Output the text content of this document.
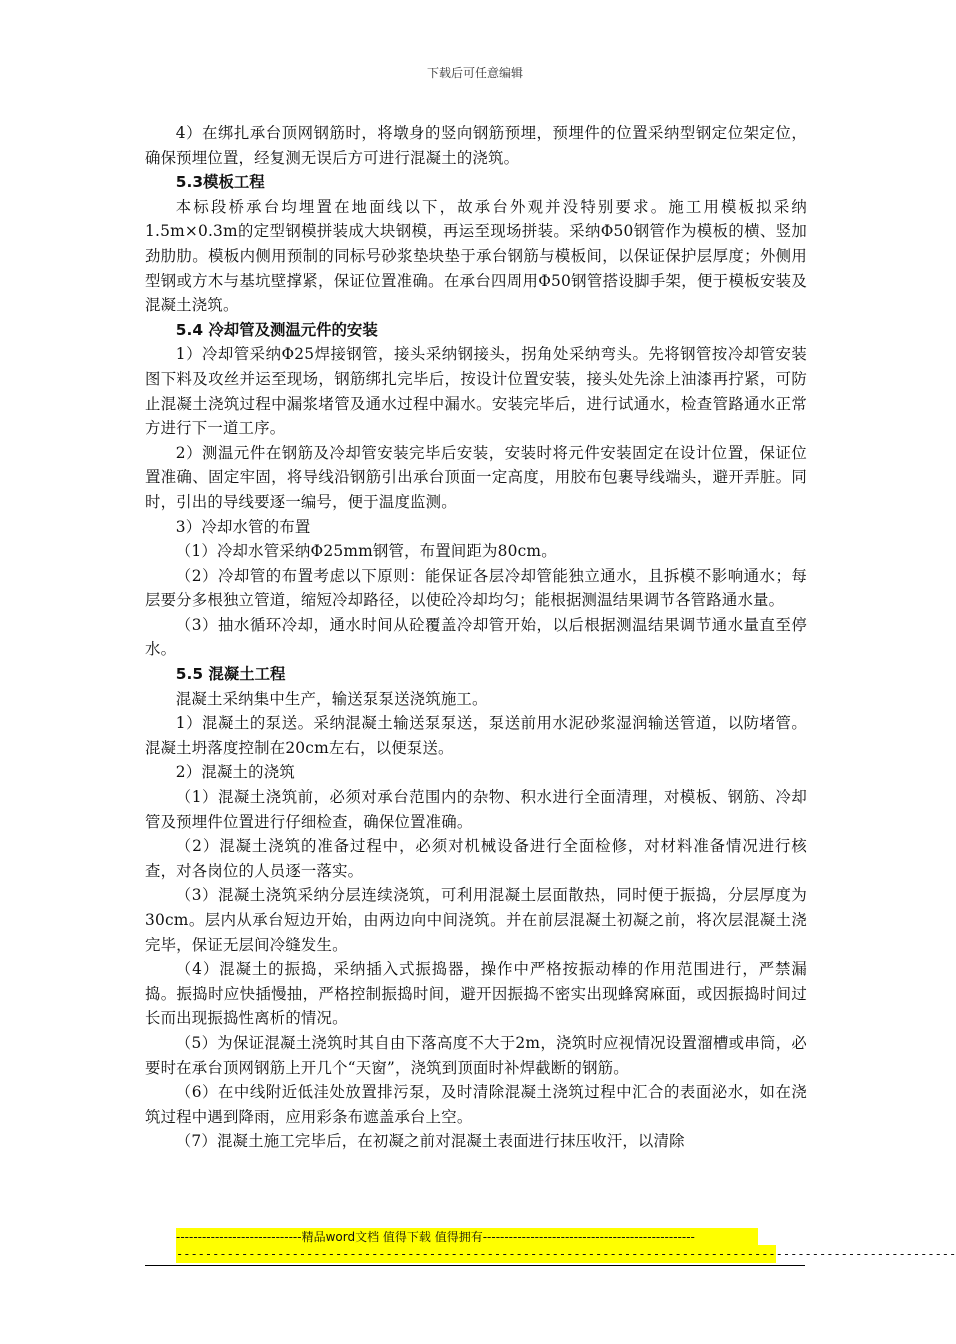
下载后可任意编辑

4）在绑扎承台顶网钢筋时，将墩身的竖向钢筋预埋，预埋件的位置采纳型钢定位架定位，确保预埋位置，经复测无误后方可进行混凝土的浇筑。

5.3模板工程

本标段桥承台均埋置在地面线以下，故承台外观并没特别要求。施工用模板拟采纳1.5m×0.3m的定型钢模拼装成大块钢模，再运至现场拼装。采纳Φ50钢管作为模板的横、竖加劲肋肋。模板内侧用预制的同标号砂浆垫块垫于承台钢筋与模板间，以保证保护层厚度；外侧用型钢或方木与基坑壁撑紧，保证位置准确。在承台四周用Φ50钢管搭设脚手架，便于模板安装及混凝土浇筑。

5.4 冷却管及测温元件的安装

1）冷却管采纳Φ25焊接钢管，接头采纳钢接头，拐角处采纳弯头。先将钢管按冷却管安装图下料及攻丝并运至现场，钢筋绑扎完毕后，按设计位置安装，接头处先涂上油漆再拧紧，可防止混凝土浇筑过程中漏浆堵管及通水过程中漏水。安装完毕后，进行试通水，检查管路通水正常方进行下一道工序。

2）测温元件在钢筋及冷却管安装完毕后安装，安装时将元件安装固定在设计位置，保证位置准确、固定牢固，将导线沿钢筋引出承台顶面一定高度，用胶布包裹导线端头，避开弄脏。同时，引出的导线要逐一编号，便于温度监测。

3）冷却水管的布置

（1）冷却水管采纳Φ25mm钢管，布置间距为80cm。

（2）冷却管的布置考虑以下原则：能保证各层冷却管能独立通水，且拆模不影响通水；每层要分多根独立管道，缩短冷却路径，以使砼冷却均匀；能根据测温结果调节各管路通水量。

（3）抽水循环冷却，通水时间从砼覆盖冷却管开始，以后根据测温结果调节通水量直至停水。

5.5 混凝土工程

混凝土采纳集中生产，输送泵泵送浇筑施工。

1）混凝土的泵送。采纳混凝土输送泵泵送，泵送前用水泥砂浆湿润输送管道，以防堵管。混凝土坍落度控制在20cm左右，以便泵送。

2）混凝土的浇筑

（1）混凝土浇筑前，必须对承台范围内的杂物、积水进行全面清理，对模板、钢筋、冷却管及预埋件位置进行仔细检查，确保位置准确。

（2）混凝土浇筑的准备过程中，必须对机械设备进行全面检修，对材料准备情况进行核查，对各岗位的人员逐一落实。

（3）混凝土浇筑采纳分层连续浇筑，可利用混凝土层面散热，同时便于振捣，分层厚度为30cm。层内从承台短边开始，由两边向中间浇筑。并在前层混凝土初凝之前，将次层混凝土浇完毕，保证无层间冷缝发生。

（4）混凝土的振捣，采纳插入式振捣器，操作中严格按振动棒的作用范围进行，严禁漏捣。振捣时应快插慢抽，严格控制振捣时间，避开因振捣不密实出现蜂窝麻面，或因振捣时间过长而出现振捣性离析的情况。

（5）为保证混凝土浇筑时其自由下落高度不大于2m，浇筑时应视情况设置溜槽或串筒，必要时在承台顶网钢筋上开几个“天窗”，浇筑到顶面时补焊截断的钢筋。

（6）在中线附近低洼处放置排污泵，及时清除混凝土浇筑过程中汇合的表面泌水，如在浇筑过程中遇到降雨，应用彩条布遮盖承台上空。

（7）混凝土施工完毕后，在初凝之前对混凝土表面进行抹压收汗，以清除

-----------------------------精品word文档 值得下载 值得拥有-------------------------------------------------
------------------------------------------------------------------------------------------------------------
